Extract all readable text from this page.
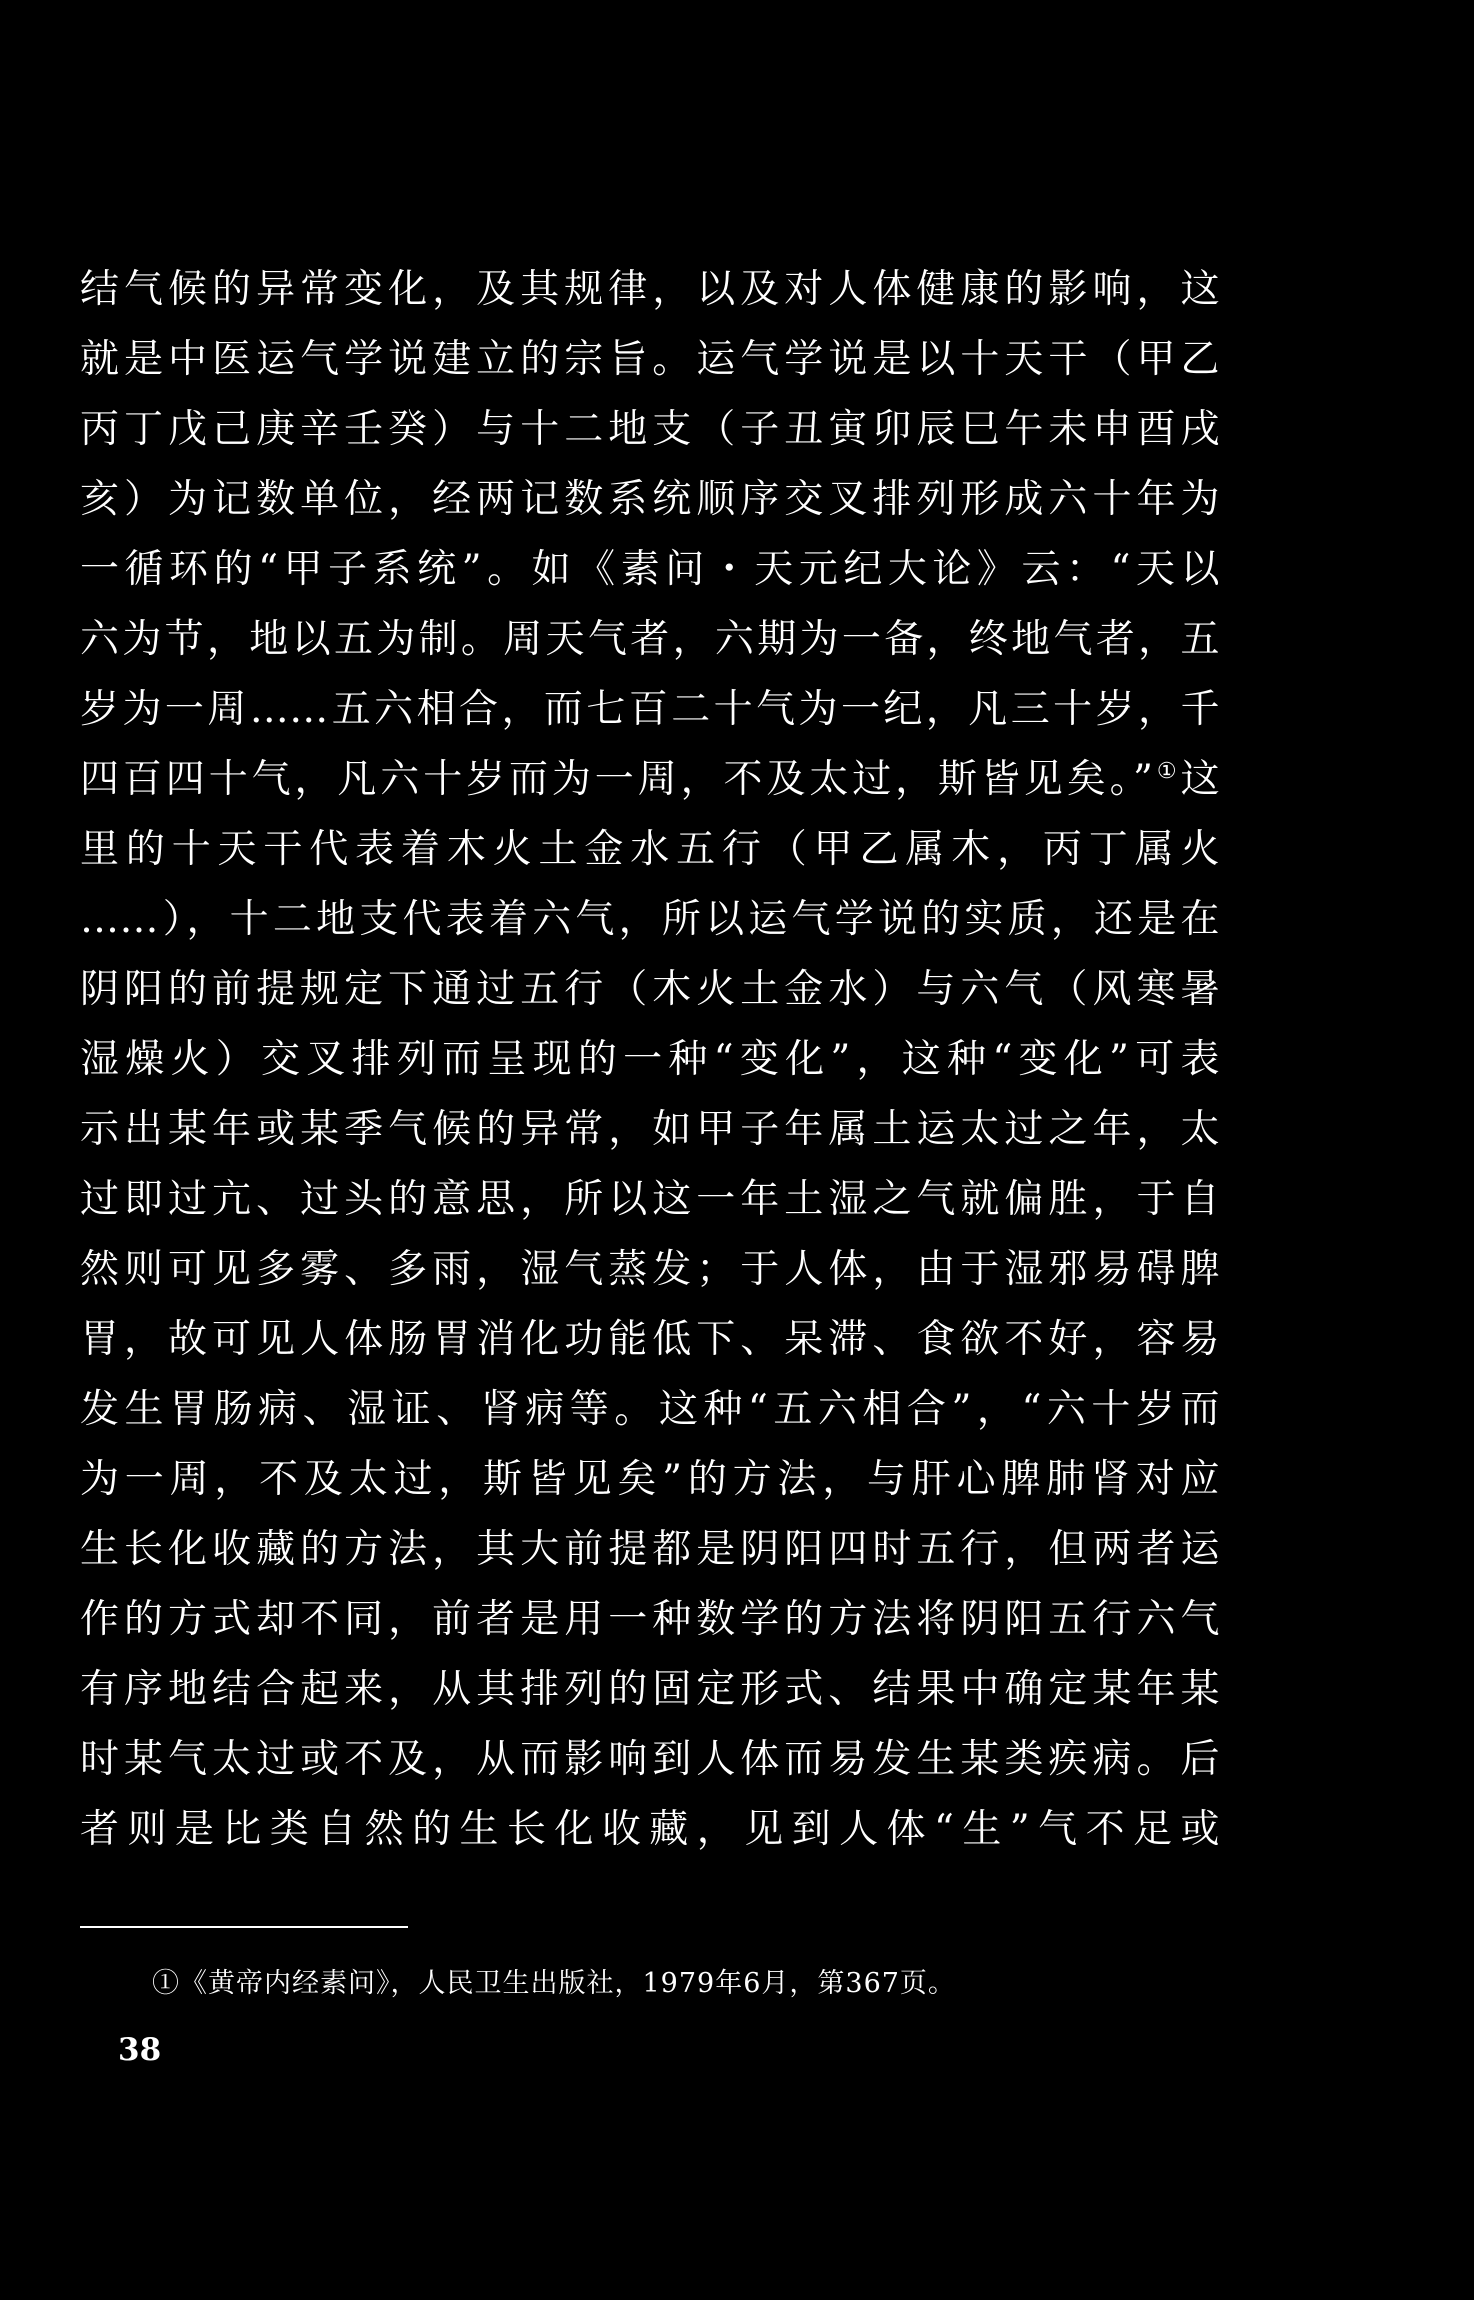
结气候的异常变化，及其规律，以及对人体健康的影响，这
就是中医运气学说建立的宗旨。运气学说是以十天干（甲乙
丙丁戊己庚辛壬癸）与十二地支（子丑寅卯辰巳午未申酉戌
亥）为记数单位，经两记数系统顺序交叉排列形成六十年为
一循环的“甲子系统”。如《素问・天元纪大论》云：“天以
六为节，地以五为制。周天气者，六期为一备，终地气者，五
岁为一周……五六相合，而七百二十气为一纪，凡三十岁，千
四百四十气，凡六十岁而为一周，不及太过，斯皆见矣。”①这
里的十天干代表着木火土金水五行（甲乙属木，丙丁属火
……），十二地支代表着六气，所以运气学说的实质，还是在
阴阳的前提规定下通过五行（木火土金水）与六气（风寒暑
湿燥火）交叉排列而呈现的一种“变化”，这种“变化”可表
示出某年或某季气候的异常，如甲子年属土运太过之年，太
过即过亢、过头的意思，所以这一年土湿之气就偏胜，于自
然则可见多雾、多雨，湿气蒸发；于人体，由于湿邪易碍脾
胃，故可见人体肠胃消化功能低下、呆滞、食欲不好，容易
发生胃肠病、湿证、肾病等。这种“五六相合”，“六十岁而
为一周，不及太过，斯皆见矣”的方法，与肝心脾肺肾对应
生长化收藏的方法，其大前提都是阴阳四时五行，但两者运
作的方式却不同，前者是用一种数学的方法将阴阳五行六气
有序地结合起来，从其排列的固定形式、结果中确定某年某
时某气太过或不及，从而影响到人体而易发生某类疾病。后
者则是比类自然的生长化收藏，见到人体“生”气不足或
①《黄帝内经素问》，人民卫生出版社，1979年6月，第367页。
38
